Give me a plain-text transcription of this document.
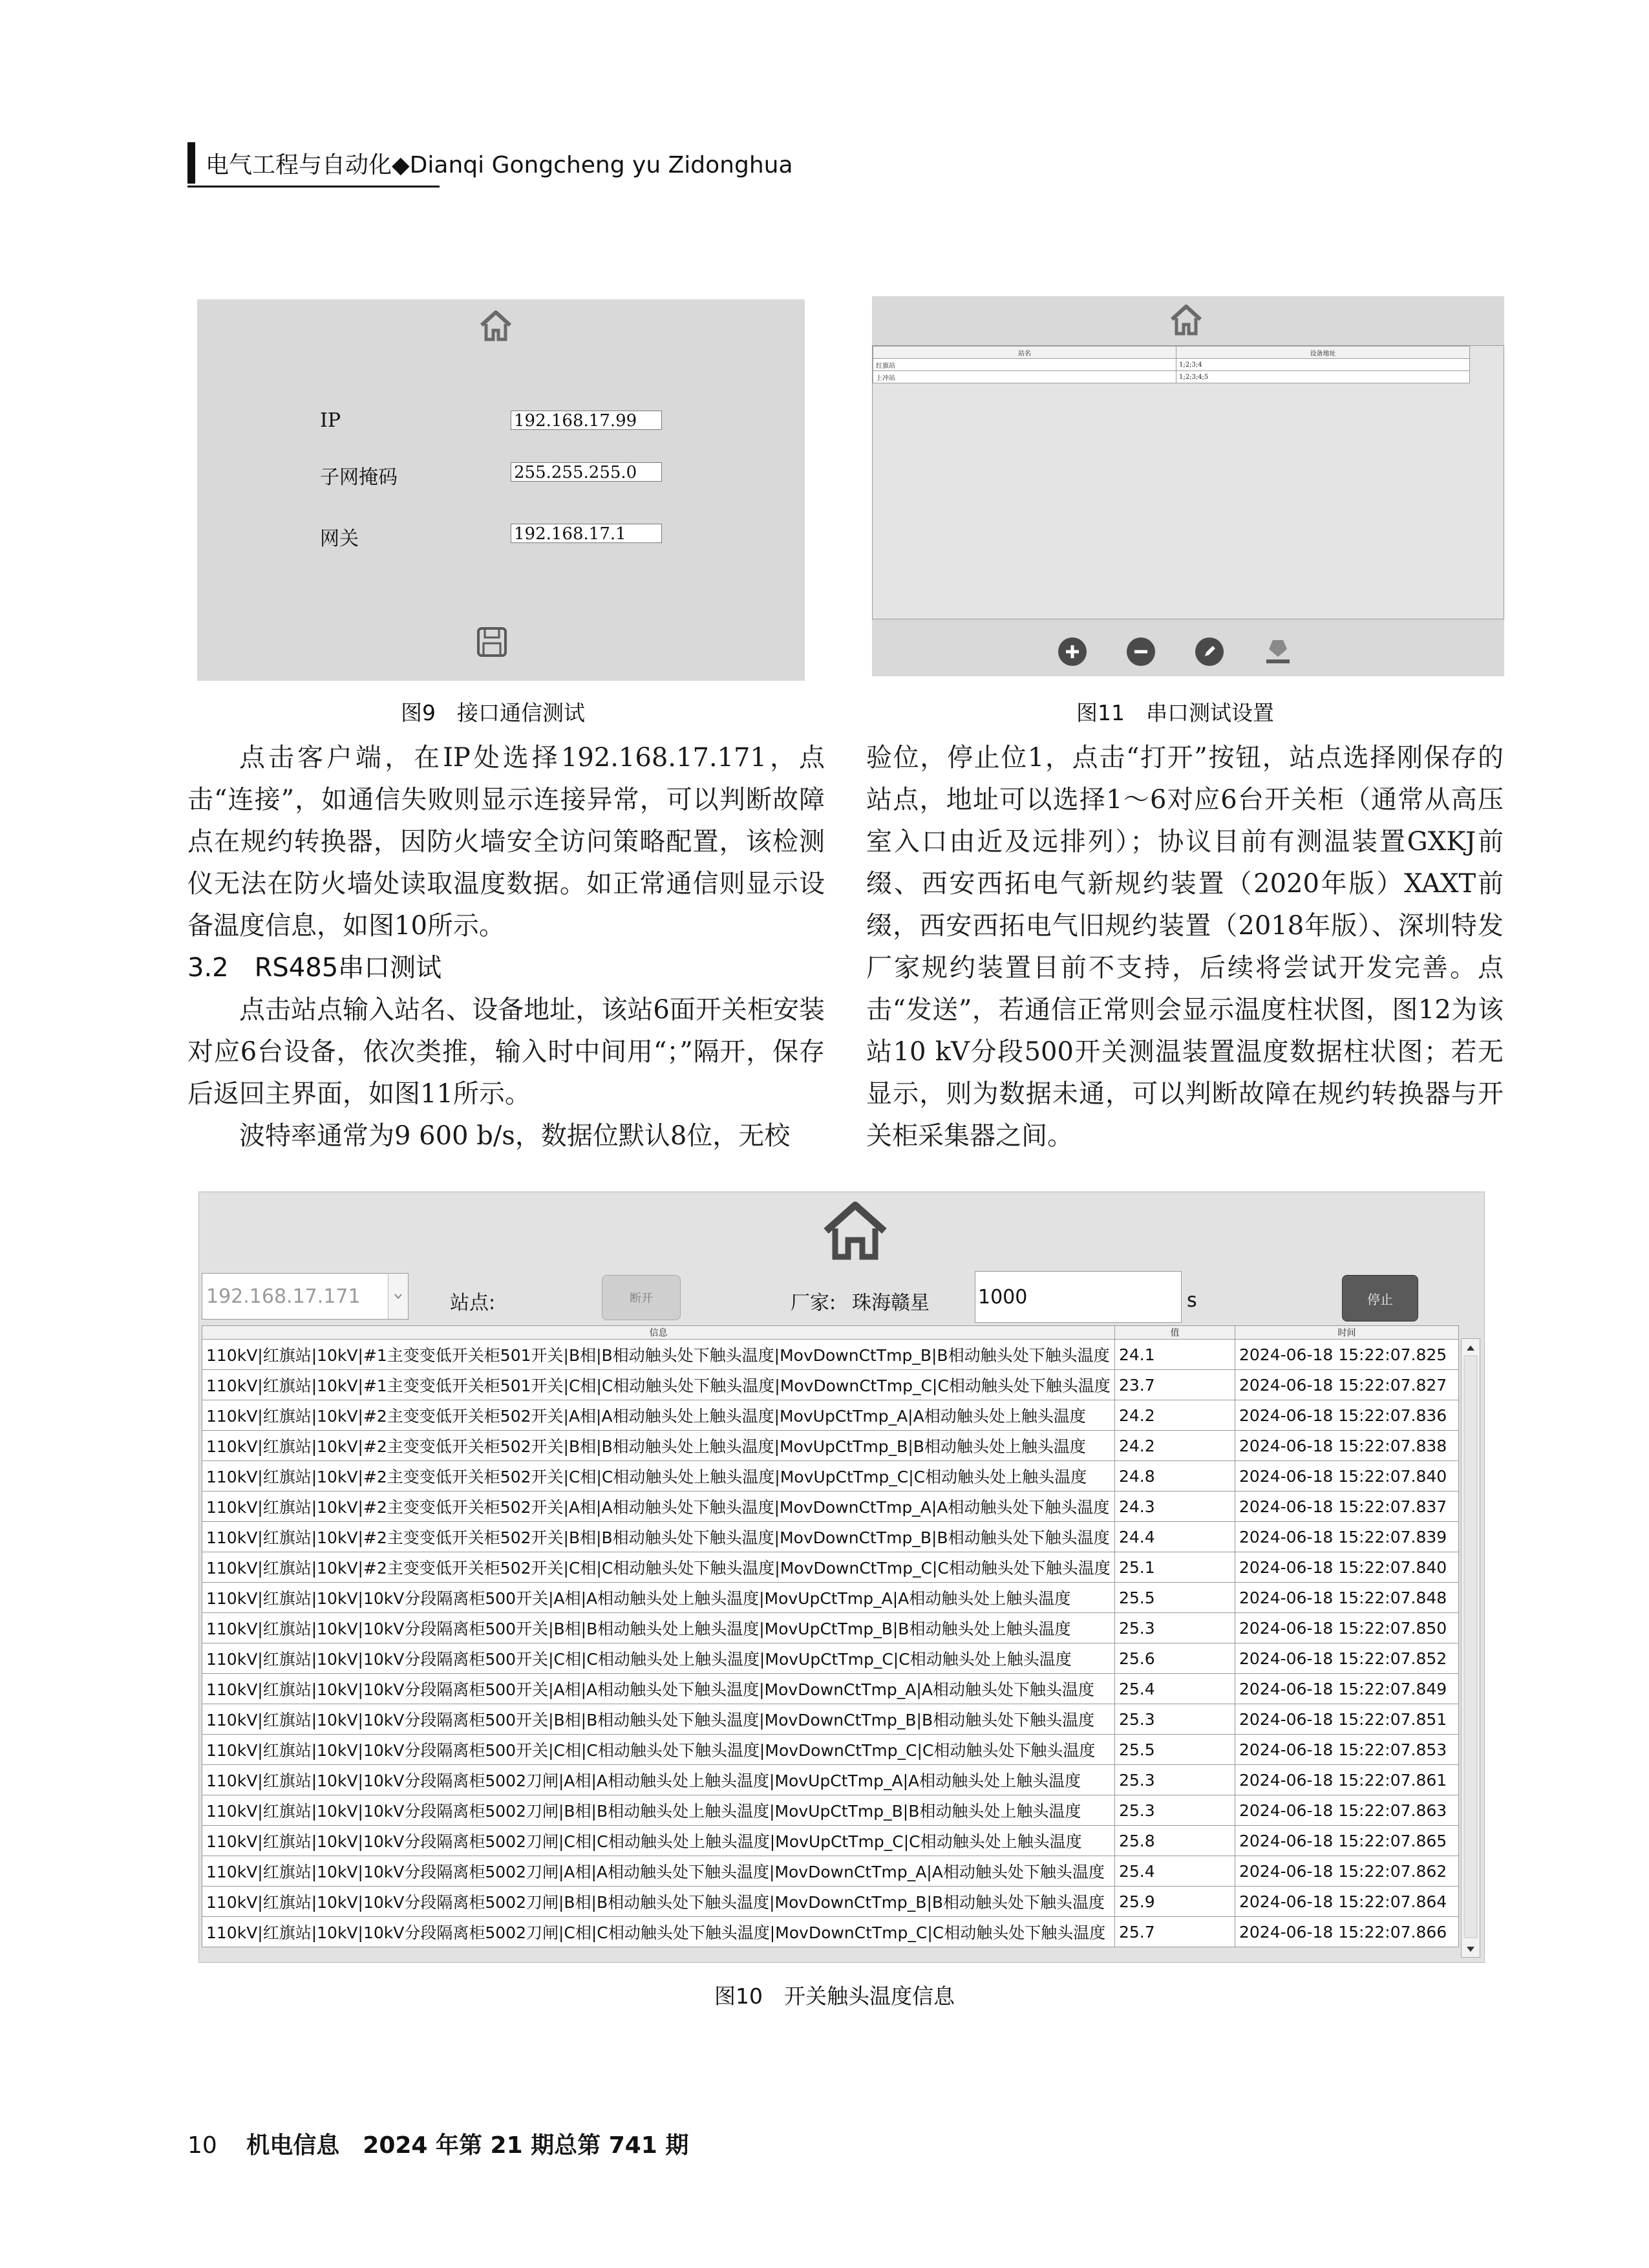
电气工程与自动化◆Dianqi Gongcheng yu Zidonghua
IP	192.168.17.99
子网掩码	255.255.255.0
网关	192.168.17.1
图9　接口通信测试
站名	设备地址
红旗站	1;2;3;4
上冲站	1;2;3;4;5
图11　串口测试设置
点击客户端，在IP处选择192.168.17.171，点击“连接”，如通信失败则显示连接异常，可以判断故障点在规约转换器，因防火墙安全访问策略配置，该检测仪无法在防火墙处读取温度数据。如正常通信则显示设备温度信息，如图10所示。
3.2　RS485串口测试
点击站点输入站名、设备地址，该站6面开关柜安装对应6台设备，依次类推，输入时中间用“；”隔开，保存后返回主界面，如图11所示。
波特率通常为9 600 b/s，数据位默认8位，无校
验位，停止位1，点击“打开”按钮，站点选择刚保存的站点，地址可以选择1～6对应6台开关柜（通常从高压室入口由近及远排列）；协议目前有测温装置GXKJ前缀、西安西拓电气新规约装置（2020年版）XAXT前缀，西安西拓电气旧规约装置（2018年版）、深圳特发厂家规约装置目前不支持，后续将尝试开发完善。点击“发送”，若通信正常则会显示温度柱状图，图12为该站10 kV分段500开关测温装置温度数据柱状图；若无显示，则为数据未通，可以判断故障在规约转换器与开关柜采集器之间。
192.168.17.171	站点:	断开	厂家: 珠海赣星	1000	s	停止
信息	值	时间
110kV|红旗站|10kV|#1主变变低开关柜501开关|B相|B相动触头处下触头温度|MovDownCtTmp_B|B相动触头处下触头温度	24.1	2024-06-18 15:22:07.825
110kV|红旗站|10kV|#1主变变低开关柜501开关|C相|C相动触头处下触头温度|MovDownCtTmp_C|C相动触头处下触头温度	23.7	2024-06-18 15:22:07.827
110kV|红旗站|10kV|#2主变变低开关柜502开关|A相|A相动触头处上触头温度|MovUpCtTmp_A|A相动触头处上触头温度	24.2	2024-06-18 15:22:07.836
110kV|红旗站|10kV|#2主变变低开关柜502开关|B相|B相动触头处上触头温度|MovUpCtTmp_B|B相动触头处上触头温度	24.2	2024-06-18 15:22:07.838
110kV|红旗站|10kV|#2主变变低开关柜502开关|C相|C相动触头处上触头温度|MovUpCtTmp_C|C相动触头处上触头温度	24.8	2024-06-18 15:22:07.840
110kV|红旗站|10kV|#2主变变低开关柜502开关|A相|A相动触头处下触头温度|MovDownCtTmp_A|A相动触头处下触头温度	24.3	2024-06-18 15:22:07.837
110kV|红旗站|10kV|#2主变变低开关柜502开关|B相|B相动触头处下触头温度|MovDownCtTmp_B|B相动触头处下触头温度	24.4	2024-06-18 15:22:07.839
110kV|红旗站|10kV|#2主变变低开关柜502开关|C相|C相动触头处下触头温度|MovDownCtTmp_C|C相动触头处下触头温度	25.1	2024-06-18 15:22:07.840
110kV|红旗站|10kV|10kV分段隔离柜500开关|A相|A相动触头处上触头温度|MovUpCtTmp_A|A相动触头处上触头温度	25.5	2024-06-18 15:22:07.848
110kV|红旗站|10kV|10kV分段隔离柜500开关|B相|B相动触头处上触头温度|MovUpCtTmp_B|B相动触头处上触头温度	25.3	2024-06-18 15:22:07.850
110kV|红旗站|10kV|10kV分段隔离柜500开关|C相|C相动触头处上触头温度|MovUpCtTmp_C|C相动触头处上触头温度	25.6	2024-06-18 15:22:07.852
110kV|红旗站|10kV|10kV分段隔离柜500开关|A相|A相动触头处下触头温度|MovDownCtTmp_A|A相动触头处下触头温度	25.4	2024-06-18 15:22:07.849
110kV|红旗站|10kV|10kV分段隔离柜500开关|B相|B相动触头处下触头温度|MovDownCtTmp_B|B相动触头处下触头温度	25.3	2024-06-18 15:22:07.851
110kV|红旗站|10kV|10kV分段隔离柜500开关|C相|C相动触头处下触头温度|MovDownCtTmp_C|C相动触头处下触头温度	25.5	2024-06-18 15:22:07.853
110kV|红旗站|10kV|10kV分段隔离柜5002刀闸|A相|A相动触头处上触头温度|MovUpCtTmp_A|A相动触头处上触头温度	25.3	2024-06-18 15:22:07.861
110kV|红旗站|10kV|10kV分段隔离柜5002刀闸|B相|B相动触头处上触头温度|MovUpCtTmp_B|B相动触头处上触头温度	25.3	2024-06-18 15:22:07.863
110kV|红旗站|10kV|10kV分段隔离柜5002刀闸|C相|C相动触头处上触头温度|MovUpCtTmp_C|C相动触头处上触头温度	25.8	2024-06-18 15:22:07.865
110kV|红旗站|10kV|10kV分段隔离柜5002刀闸|A相|A相动触头处下触头温度|MovDownCtTmp_A|A相动触头处下触头温度	25.4	2024-06-18 15:22:07.862
110kV|红旗站|10kV|10kV分段隔离柜5002刀闸|B相|B相动触头处下触头温度|MovDownCtTmp_B|B相动触头处下触头温度	25.9	2024-06-18 15:22:07.864
110kV|红旗站|10kV|10kV分段隔离柜5002刀闸|C相|C相动触头处下触头温度|MovDownCtTmp_C|C相动触头处下触头温度	25.7	2024-06-18 15:22:07.866
图10　开关触头温度信息
10 机电信息　2024 年第 21 期总第 741 期
